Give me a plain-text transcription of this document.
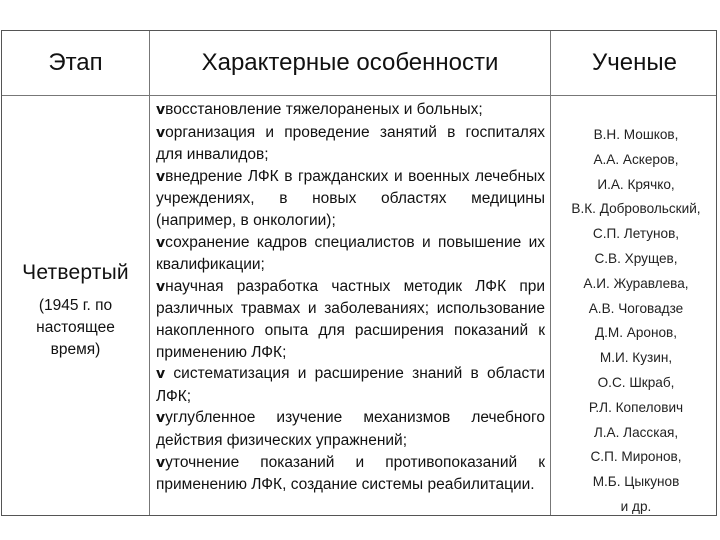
Этап	Характерные особенности	Ученые
Четвертый
(1945 г. по настоящее время)

v восстановление тяжелораненых и больных;

v организация и проведение занятий в госпиталях для инвалидов;

v внедрение ЛФК в гражданских и военных лечебных учреждениях, в новых областях медицины (например, в онкологии);

v сохранение кадров специалистов и повышение их квалификации;

v научная разработка частных методик ЛФК при различных травмах и заболеваниях; использование накопленного опыта для расширения показаний к применению ЛФК;

v систематизация и расширение знаний в области ЛФК;

v углубленное изучение механизмов лечебного действия физических упражнений;

v уточнение показаний и противопоказаний к применению ЛФК, создание системы реабилитации.

В.Н. Мошков,
А.А. Аскеров,
И.А. Крячко,
В.К. Добровольский,
С.П. Летунов,
С.В. Хрущев,
А.И. Журавлева,
А.В. Чоговадзе
Д.М. Аронов,
М.И. Кузин,
О.С. Шкраб,
Р.Л. Копелович
Л.А. Ласская,
С.П. Миронов,
М.Б. Цыкунов
и др.
